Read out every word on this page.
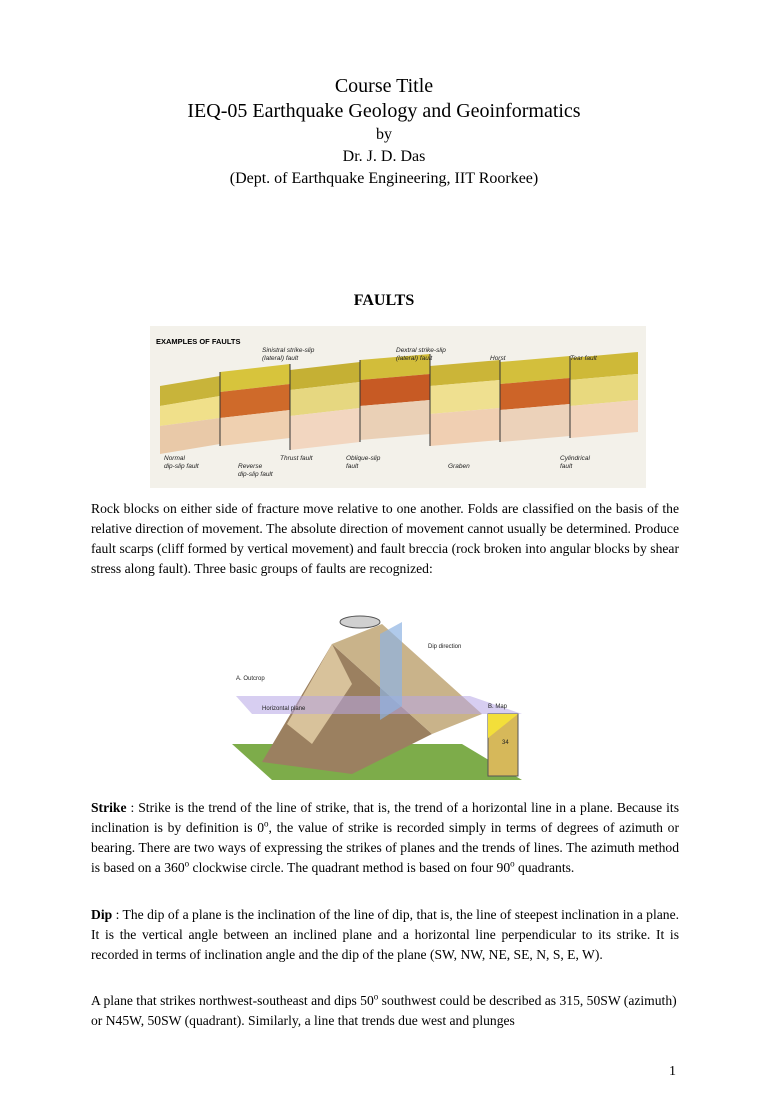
Course Title
IEQ-05 Earthquake Geology and Geoinformatics
by
Dr. J. D. Das
(Dept. of Earthquake Engineering, IIT Roorkee)
FAULTS
EXAMPLES OF FAULTS
Sinistral strike-slip
(lateral) fault
Dextral strike-slip
(lateral) fault	Horst	Tear fault
Normal
dip-slip fault	Reverse
dip-slip fault
Thrust fault	Oblique-slip
fault	Graben
Cylindrical
fault
Rock blocks on either side of fracture move relative to one another. Folds are classified on the basis of the relative direction of movement. The absolute direction of movement cannot usually be determined. Produce fault scarps (cliff formed by vertical movement) and fault breccia (rock broken into angular blocks by shear stress along fault). Three basic groups of faults are recognized:
A. Outcrop
Horizontal plane	B. Map
Dip direction
34
Strike : Strike is the trend of the line of strike, that is, the trend of a horizontal line in a plane. Because its inclination is by definition is 0$^o$, the value of strike is recorded simply in terms of degrees of azimuth or bearing. There are two ways of expressing the strikes of planes and the trends of lines. The azimuth method is based on a 360$^o$ clockwise circle. The quadrant method is based on four 90$^o$ quadrants.
Dip : The dip of a plane is the inclination of the line of dip, that is, the line of steepest inclination in a plane. It is the vertical angle between an inclined plane and a horizontal line perpendicular to its strike. It is recorded in terms of inclination angle and the dip of the plane (SW, NW, NE, SE, N, S, E, W).
A plane that strikes northwest-southeast and dips 50$^o$ southwest could be described as 315, 50SW (azimuth) or N45W, 50SW (quadrant). Similarly, a line that trends due west and plunges
1
